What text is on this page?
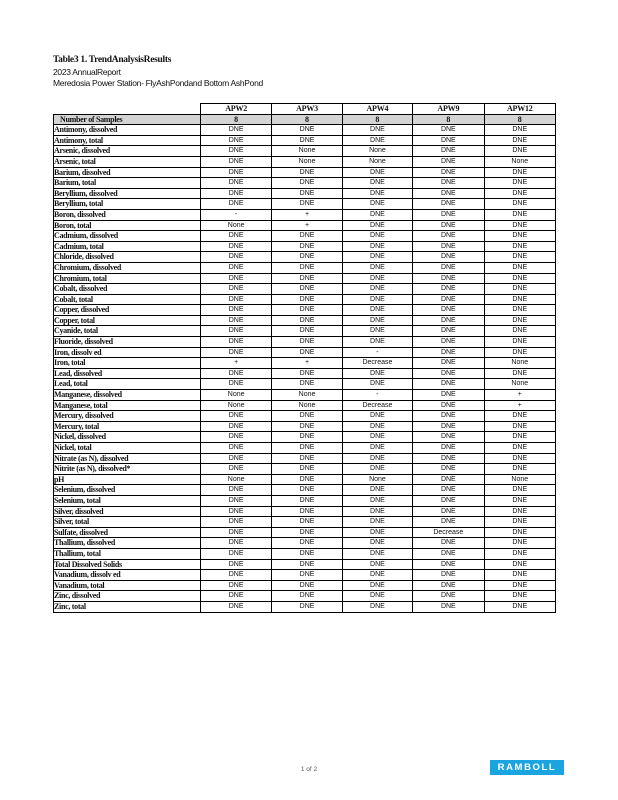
Table3 1. TrendAnalysisResults
2023 AnnualReport
Meredosia Power Station- FlyAshPondand Bottom AshPond
	APW2	APW3	APW4	APW9	APW12
Number of Samples	8	8	8	8	8
Antimony, dissolved	DNE	DNE	DNE	DNE	DNE
Antimony, total	DNE	DNE	DNE	DNE	DNE
Arsenic, dissolved	DNE	None	None	DNE	DNE
Arsenic, total	DNE	None	None	DNE	None
Barium, dissolved	DNE	DNE	DNE	DNE	DNE
Barium, total	DNE	DNE	DNE	DNE	DNE
Beryllium, dissolved	DNE	DNE	DNE	DNE	DNE
Beryllium, total	DNE	DNE	DNE	DNE	DNE
Boron, dissolved	-	+	DNE	DNE	DNE
Boron, total	None	+	DNE	DNE	DNE
Cadmium, dissolved	DNE	DNE	DNE	DNE	DNE
Cadmium, total	DNE	DNE	DNE	DNE	DNE
Chloride, dissolved	DNE	DNE	DNE	DNE	DNE
Chromium, dissolved	DNE	DNE	DNE	DNE	DNE
Chromium, total	DNE	DNE	DNE	DNE	DNE
Cobalt, dissolved	DNE	DNE	DNE	DNE	DNE
Cobalt, total	DNE	DNE	DNE	DNE	DNE
Copper, dissolved	DNE	DNE	DNE	DNE	DNE
Copper, total	DNE	DNE	DNE	DNE	DNE
Cyanide, total	DNE	DNE	DNE	DNE	DNE
Fluoride, dissolved	DNE	DNE	DNE	DNE	DNE
Iron, dissolv ed	DNE	DNE	-	DNE	DNE
Iron, total	+	+	Decrease	DNE	None
Lead, dissolved	DNE	DNE	DNE	DNE	DNE
Lead, total	DNE	DNE	DNE	DNE	None
Manganese, dissolved	None	None	-	DNE	+
Manganese, total	None	None	Decrease	DNE	+
Mercury, dissolved	DNE	DNE	DNE	DNE	DNE
Mercury, total	DNE	DNE	DNE	DNE	DNE
Nickel, dissolved	DNE	DNE	DNE	DNE	DNE
Nickel, total	DNE	DNE	DNE	DNE	DNE
Nitrate (as N), dissolved	DNE	DNE	DNE	DNE	DNE
Nitrite (as N), dissolved*	DNE	DNE	DNE	DNE	DNE
pH	None	DNE	None	DNE	None
Selenium, dissolved	DNE	DNE	DNE	DNE	DNE
Selenium, total	DNE	DNE	DNE	DNE	DNE
Silver, dissolved	DNE	DNE	DNE	DNE	DNE
Silver, total	DNE	DNE	DNE	DNE	DNE
Sulfate, dissolved	DNE	DNE	DNE	Decrease	DNE
Thallium, dissolved	DNE	DNE	DNE	DNE	DNE
Thallium, total	DNE	DNE	DNE	DNE	DNE
Total Dissolved Solids	DNE	DNE	DNE	DNE	DNE
Vanadium, dissolv ed	DNE	DNE	DNE	DNE	DNE
Vanadium, total	DNE	DNE	DNE	DNE	DNE
Zinc, dissolved	DNE	DNE	DNE	DNE	DNE
Zinc, total	DNE	DNE	DNE	DNE	DNE
1 of 2	RAMBOLL
